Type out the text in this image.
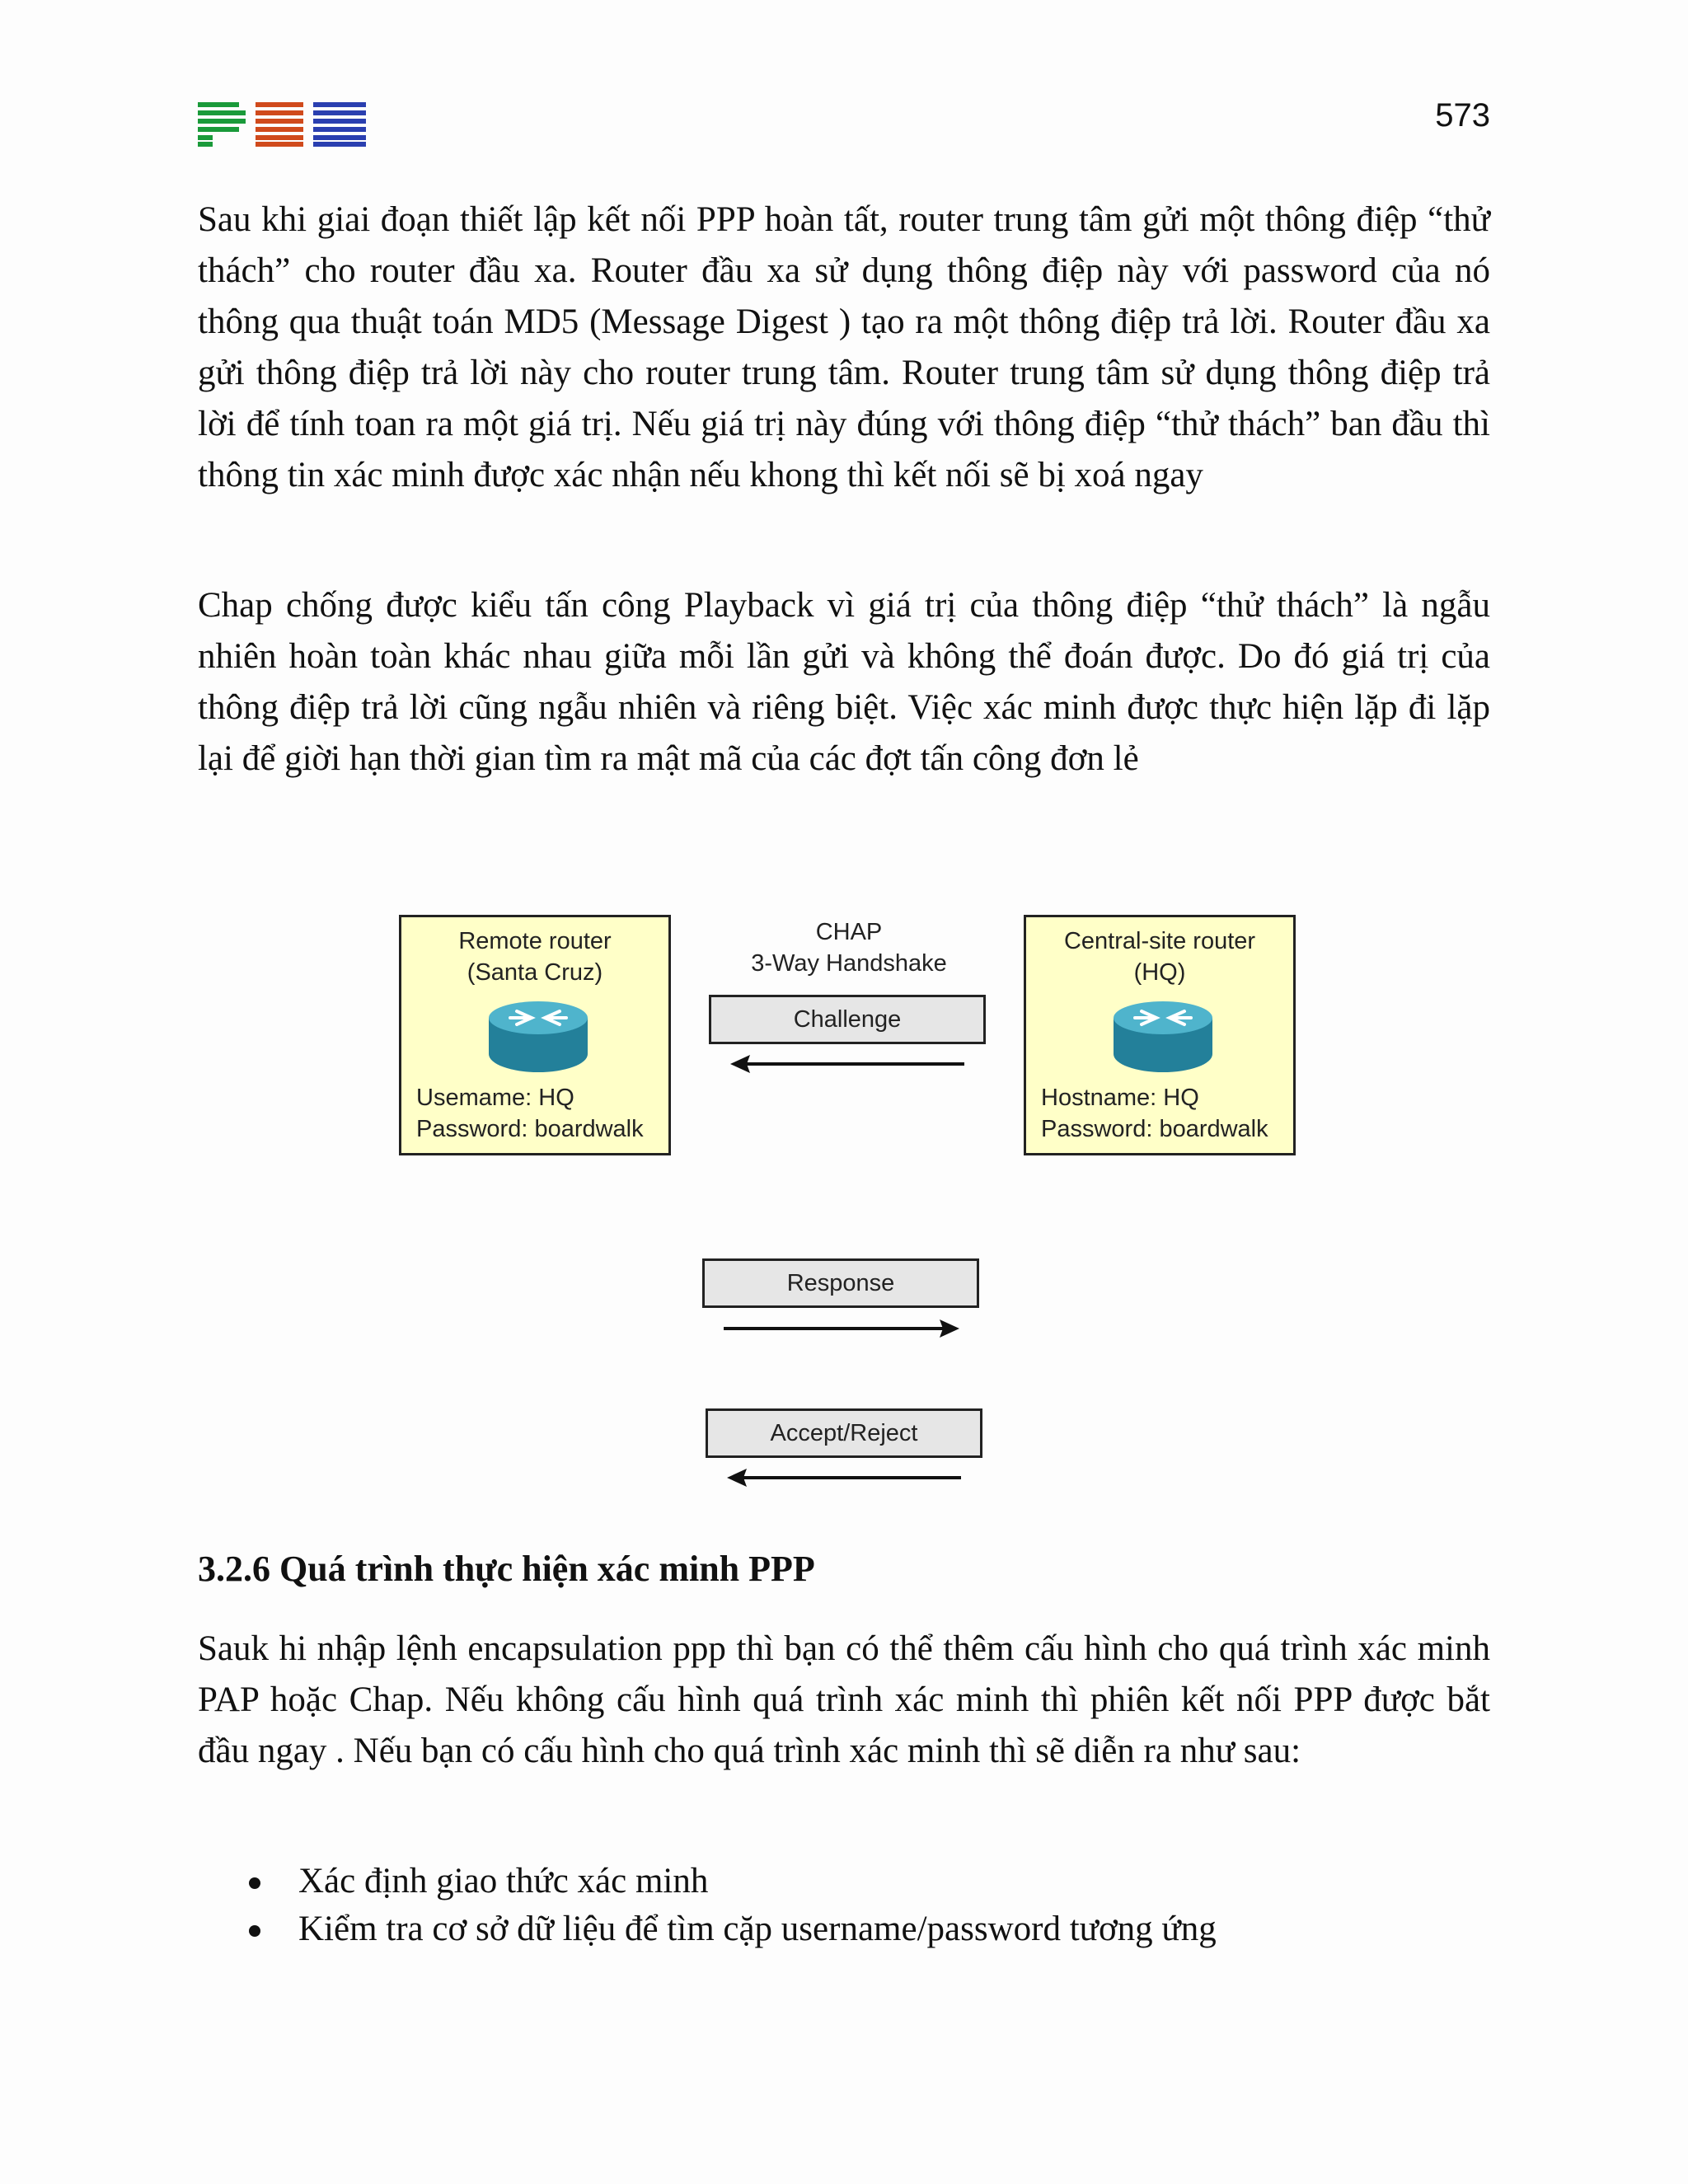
573

Sau khi giai đoạn thiết lập kết nối PPP hoàn tất, router trung tâm gửi một thông điệp “thử thách” cho router đầu xa. Router đầu xa sử dụng thông điệp này với password của nó thông qua thuật toán MD5 (Message Digest ) tạo ra một thông điệp trả lời. Router đầu xa gửi thông điệp trả lời này cho router trung tâm. Router trung tâm sử dụng thông điệp trả lời để tính toan ra một giá trị. Nếu giá trị này đúng với thông điệp “thử thách” ban đầu thì thông tin xác minh được xác nhận nếu khong thì kết nối sẽ bị xoá ngay

Chap chống được kiểu tấn công Playback vì giá trị của thông điệp “thử thách” là ngẫu nhiên hoàn toàn khác nhau giữa mỗi lần gửi và không thể đoán được. Do đó giá trị của thông điệp trả lời cũng ngẫu nhiên và riêng biệt. Việc xác minh được thực hiện lặp đi lặp lại để giời hạn thời gian tìm ra mật mã của các đợt tấn công đơn lẻ

Remote router
(Santa Cruz)
Usemame: HQ
Password: boardwalk
CHAP
3-Way Handshake
Challenge
Central-site router
(HQ)
Hostname: HQ
Password: boardwalk
Response
Accept/Reject
3.2.6 Quá trình thực hiện xác minh PPP

Sauk hi nhập lệnh encapsulation ppp thì bạn có thể thêm cấu hình cho quá trình xác minh PAP hoặc Chap. Nếu không cấu hình quá trình xác minh thì phiên kết nối PPP được bắt đầu ngay . Nếu bạn có cấu hình cho quá trình xác minh thì sẽ diễn ra như sau:

Xác định giao thức xác minh
Kiểm tra cơ sở dữ liệu để tìm cặp username/password tương ứng
